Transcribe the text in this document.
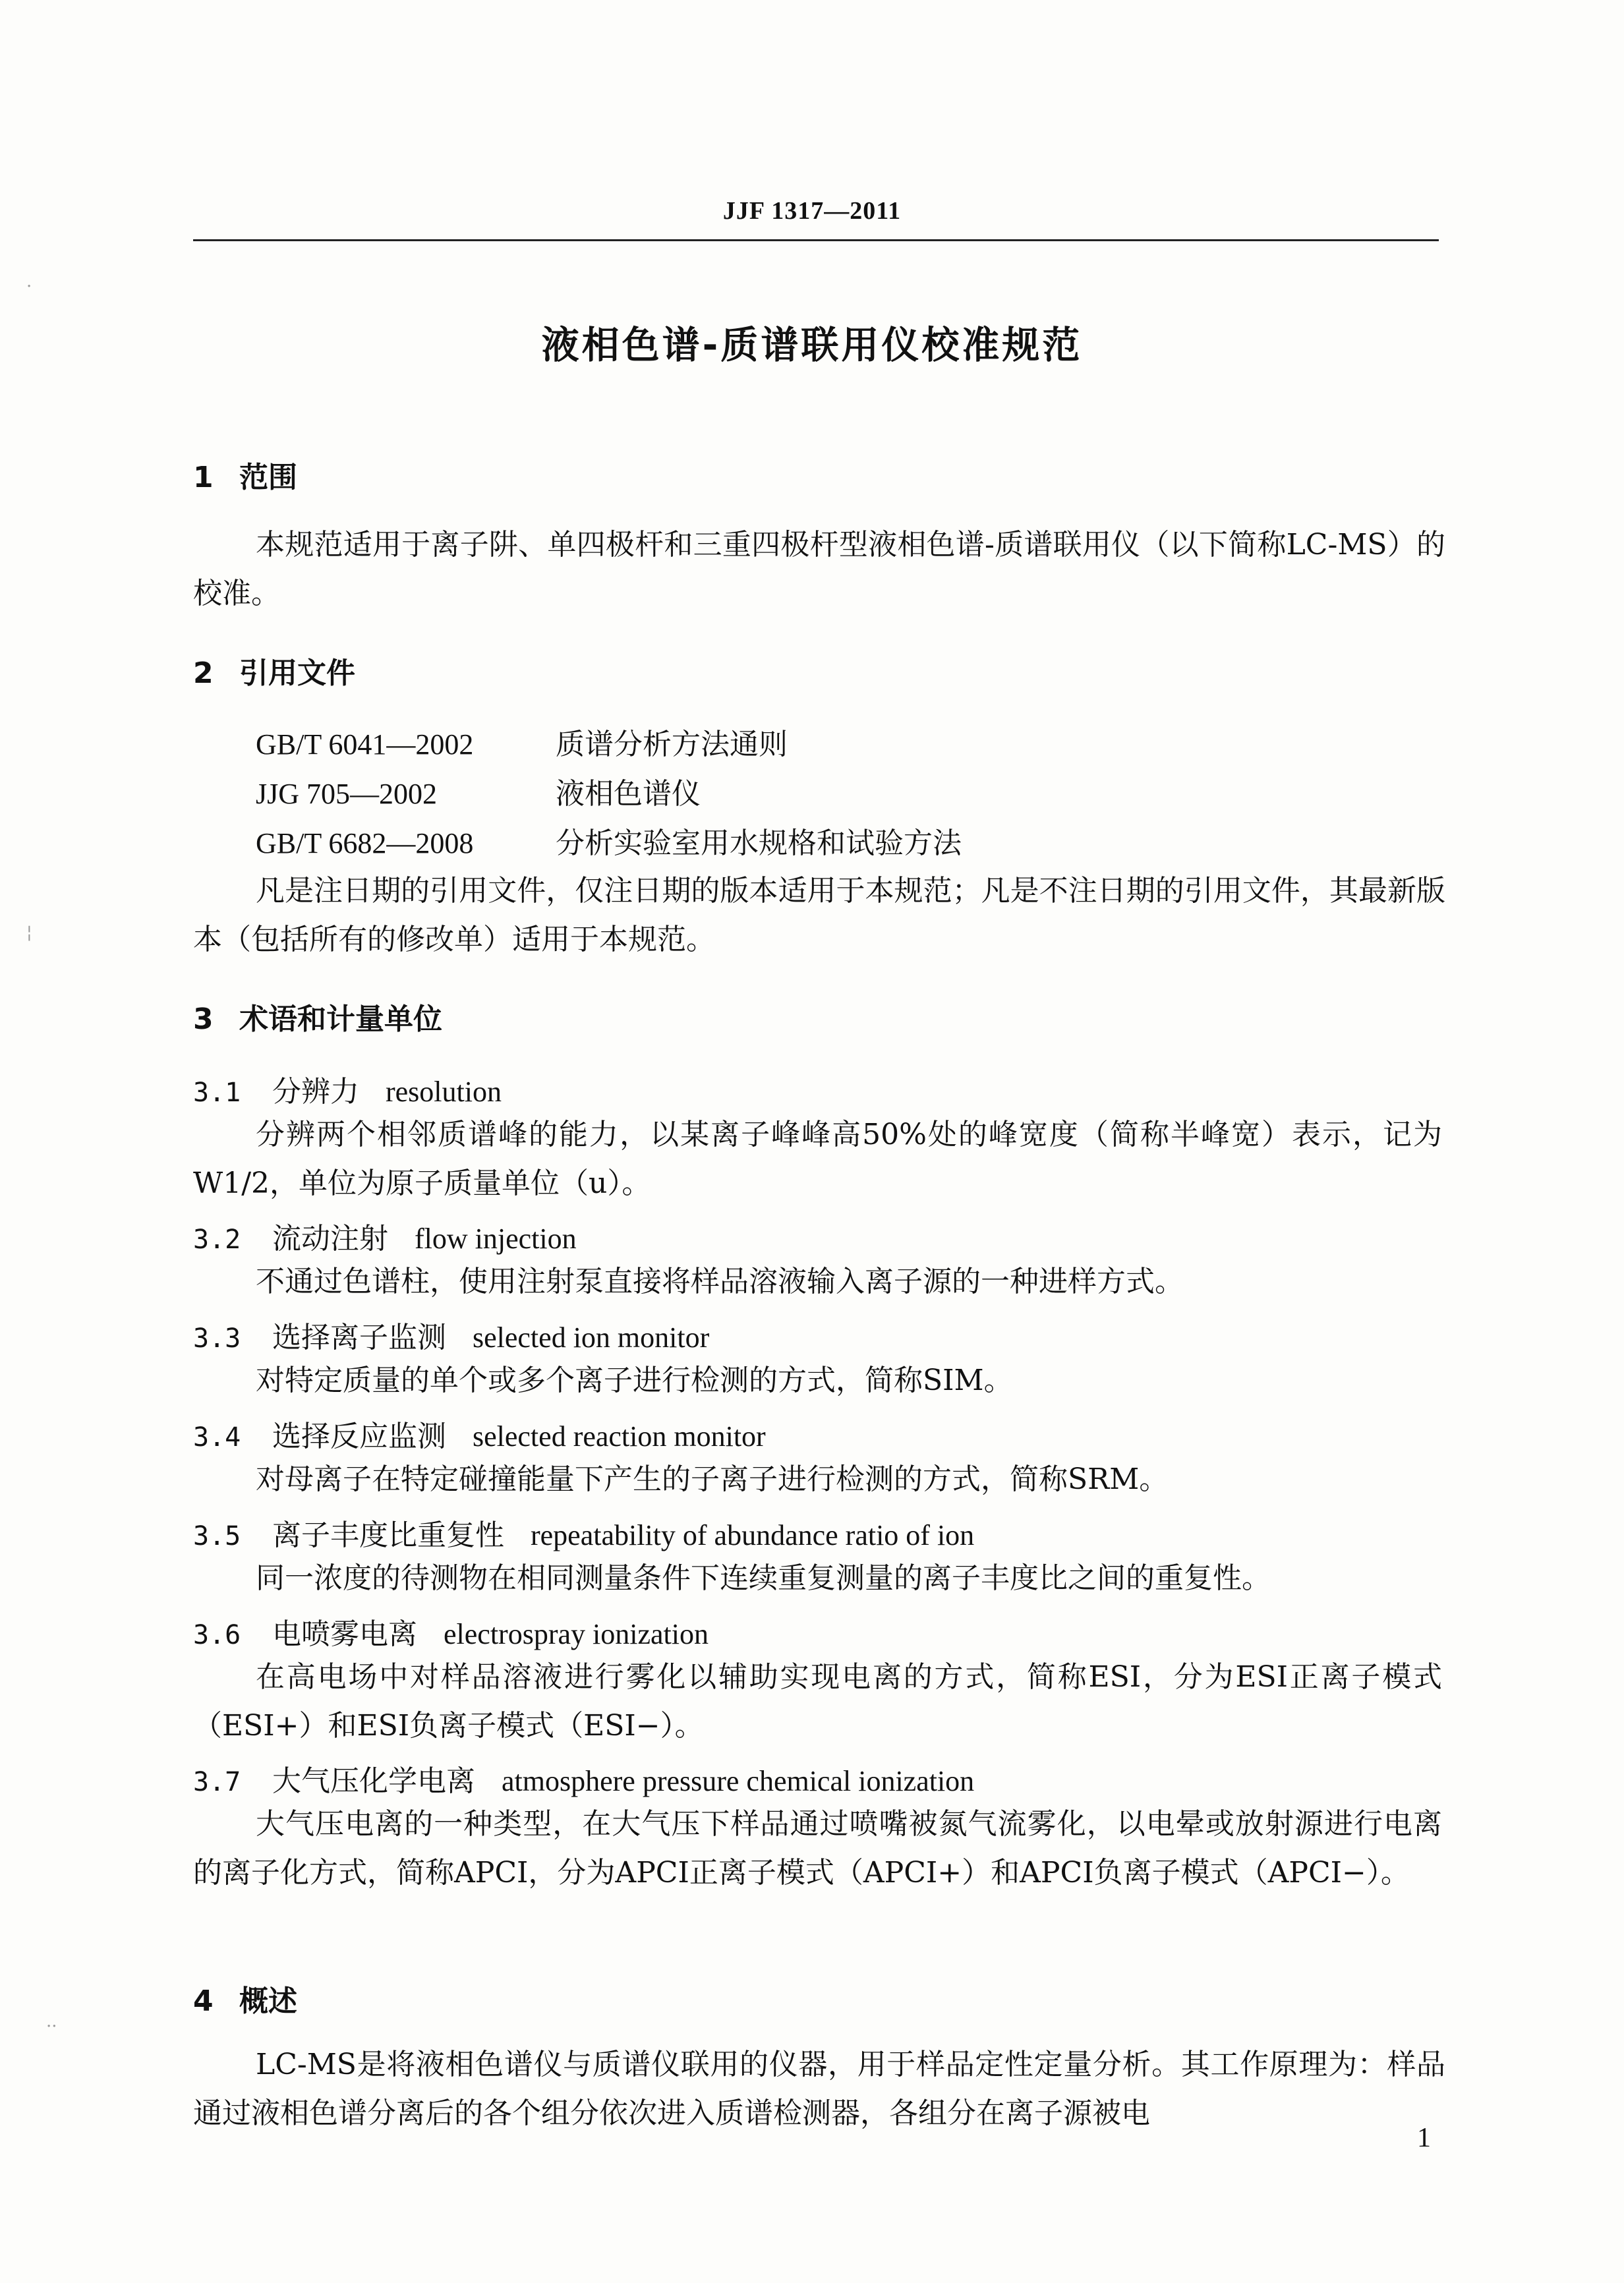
JJF 1317—2011
液相色谱-质谱联用仪校准规范
1 范围

本规范适用于离子阱、单四极杆和三重四极杆型液相色谱-质谱联用仪（以下简称LC-MS）的校准。

2 引用文件
GB/T 6041—2002	质谱分析方法通则
JJG 705—2002	液相色谱仪
GB/T 6682—2008	分析实验室用水规格和试验方法

凡是注日期的引用文件，仅注日期的版本适用于本规范；凡是不注日期的引用文件，其最新版本（包括所有的修改单）适用于本规范。

3 术语和计量单位
3.1 分辨力 resolution

分辨两个相邻质谱峰的能力，以某离子峰峰高50%处的峰宽度（简称半峰宽）表示，记为W1/2，单位为原子质量单位（u）。

3.2 流动注射 flow injection

不通过色谱柱，使用注射泵直接将样品溶液输入离子源的一种进样方式。

3.3 选择离子监测 selected ion monitor

对特定质量的单个或多个离子进行检测的方式，简称SIM。

3.4 选择反应监测 selected reaction monitor

对母离子在特定碰撞能量下产生的子离子进行检测的方式，简称SRM。

3.5 离子丰度比重复性 repeatability of abundance ratio of ion

同一浓度的待测物在相同测量条件下连续重复测量的离子丰度比之间的重复性。

3.6 电喷雾电离 electrospray ionization

在高电场中对样品溶液进行雾化以辅助实现电离的方式，简称ESI，分为ESI正离子模式（ESI+）和ESI负离子模式（ESI−）。

3.7 大气压化学电离 atmosphere pressure chemical ionization

大气压电离的一种类型，在大气压下样品通过喷嘴被氮气流雾化，以电晕或放射源进行电离的离子化方式，简称APCI，分为APCI正离子模式（APCI+）和APCI负离子模式（APCI−）。

4 概述

LC-MS是将液相色谱仪与质谱仪联用的仪器，用于样品定性定量分析。其工作原理为：样品通过液相色谱分离后的各个组分依次进入质谱检测器，各组分在离子源被电

1
·
¦
··
